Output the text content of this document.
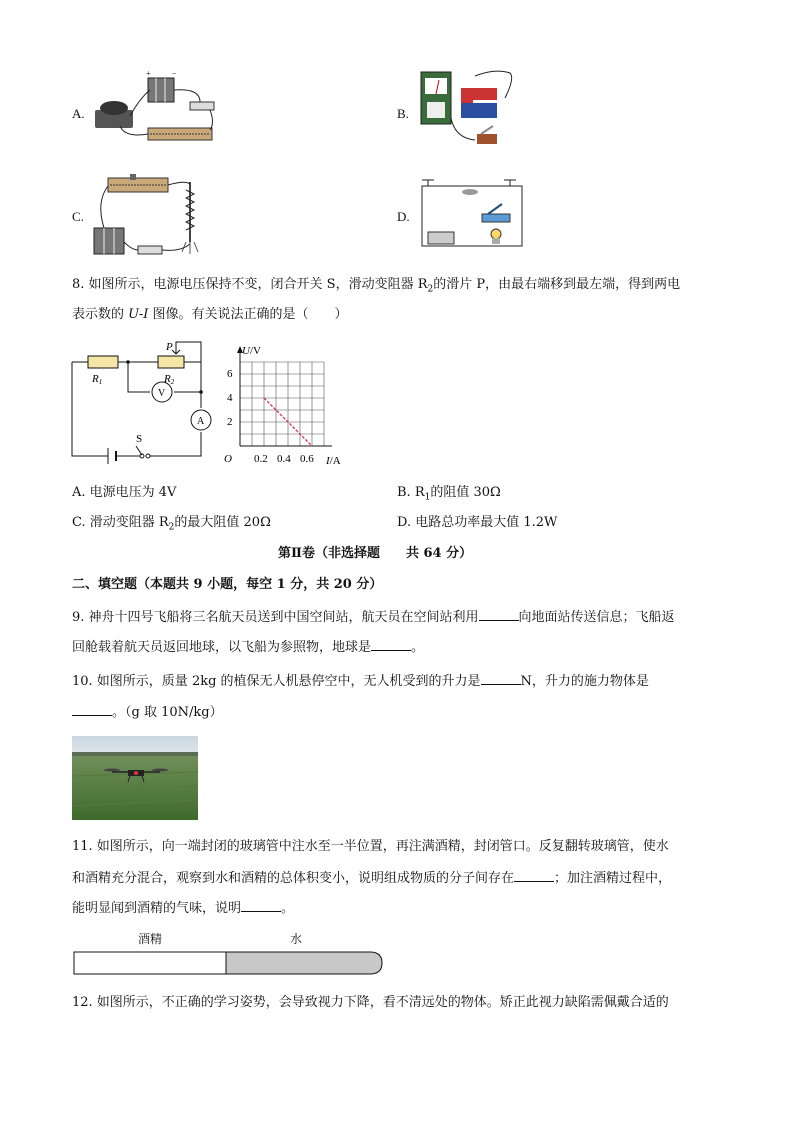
A.
+	−
B.
C.	D.
8. 如图所示，电源电压保持不变，闭合开关 S，滑动变阻器 $R_2$的滑片 P，由最右端移到最左端，得到两电
表示数的 U-I 图像。有关说法正确的是（　　）
R1	R2
P
V
A
S
U/V
O
2
4
6
0.2 0.4 0.6 I/A
A. 电源电压为 4V	B. $R_1$的阻值 30Ω
C. 滑动变阻器 $R_2$的最大阻值 20Ω	D. 电路总功率最大值 1.2W
第Ⅱ卷（非选择题　　共 64 分）
二、填空题（本题共 9 小题，每空 1 分，共 20 分）
9. 神舟十四号飞船将三名航天员送到中国空间站，航天员在空间站利用	向地面站传送信息；飞船返
回舱载着航天员返回地球，以飞船为参照物，地球是	。
10. 如图所示，质量 2kg 的植保无人机悬停空中，无人机受到的升力是	N，升力的施力物体是
。（g 取 10N/kg）
11. 如图所示，向一端封闭的玻璃管中注水至一半位置，再注满酒精，封闭管口。反复翻转玻璃管，使水
和酒精充分混合，观察到水和酒精的总体积变小，说明组成物质的分子间存在	；加注酒精过程中，
能明显闻到酒精的气味，说明	。
酒精	水
12. 如图所示，不正确的学习姿势，会导致视力下降，看不清远处的物体。矫正此视力缺陷需佩戴合适的
